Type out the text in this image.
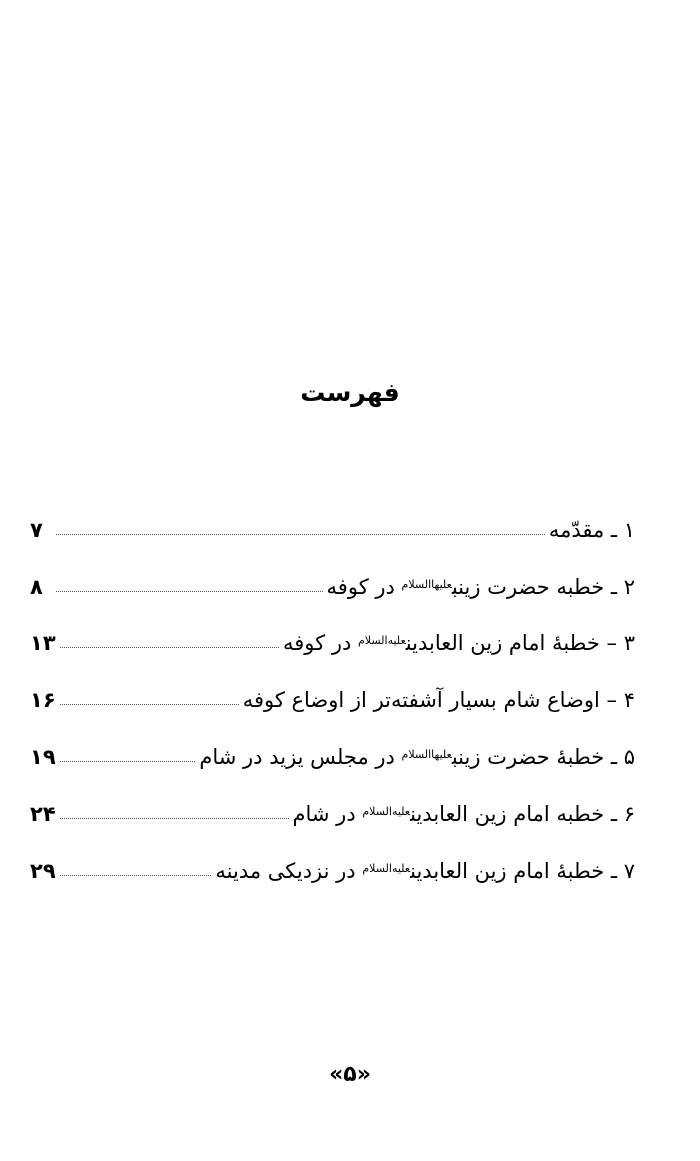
فهرست
۱ ـ مقدّمه
۷
۲ ـ خطبه حضرت زینب$^{عليهاالسلام}$ در کوفه
۸
۳ – خطبهٔ امام زین العابدین$^{عليه‌السلام}$ در کوفه
۱۳
۴ – اوضاع شام بسیار آشفته‌تر از اوضاع کوفه
۱۶
۵ ـ خطبهٔ حضرت زینب$^{عليهاالسلام}$ در مجلس یزید در شام
۱۹
۶ ـ خطبه امام زین العابدین$^{عليه‌السلام}$ در شام
۲۴
۷ ـ خطبهٔ امام زین العابدین$^{عليه‌السلام}$ در نزدیکی مدینه
۲۹
«۵»
